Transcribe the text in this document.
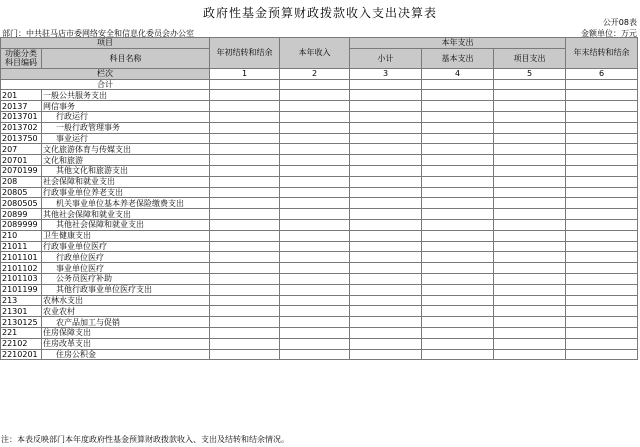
政府性基金预算财政拨款收入支出决算表
公开08表
部门：中共驻马店市委网络安全和信息化委员会办公室	金额单位：万元
项目		年初结转和结余	本年收入	本年支出			年末结转和结余
功能分类科目编码	科目名称			小计	基本支出	项目支出	

栏次		1	2	3	4	5	6
合计							
201	一般公共服务支出						
20137	网信事务						
2013701	行政运行						
2013702	一般行政管理事务						
2013750	事业运行						
207	文化旅游体育与传媒支出						
20701	文化和旅游						
2070199	其他文化和旅游支出						
208	社会保障和就业支出						
20805	行政事业单位养老支出						
2080505	机关事业单位基本养老保险缴费支出						
20899	其他社会保障和就业支出						
2089999	其他社会保障和就业支出						
210	卫生健康支出						
21011	行政事业单位医疗						
2101101	行政单位医疗						
2101102	事业单位医疗						
2101103	公务员医疗补助						
2101199	其他行政事业单位医疗支出						
213	农林水支出						
21301	农业农村						
2130125	农产品加工与促销						
221	住房保障支出						
22102	住房改革支出						
2210201	住房公积金						
注：本表反映部门本年度政府性基金预算财政拨款收入、支出及结转和结余情况。
